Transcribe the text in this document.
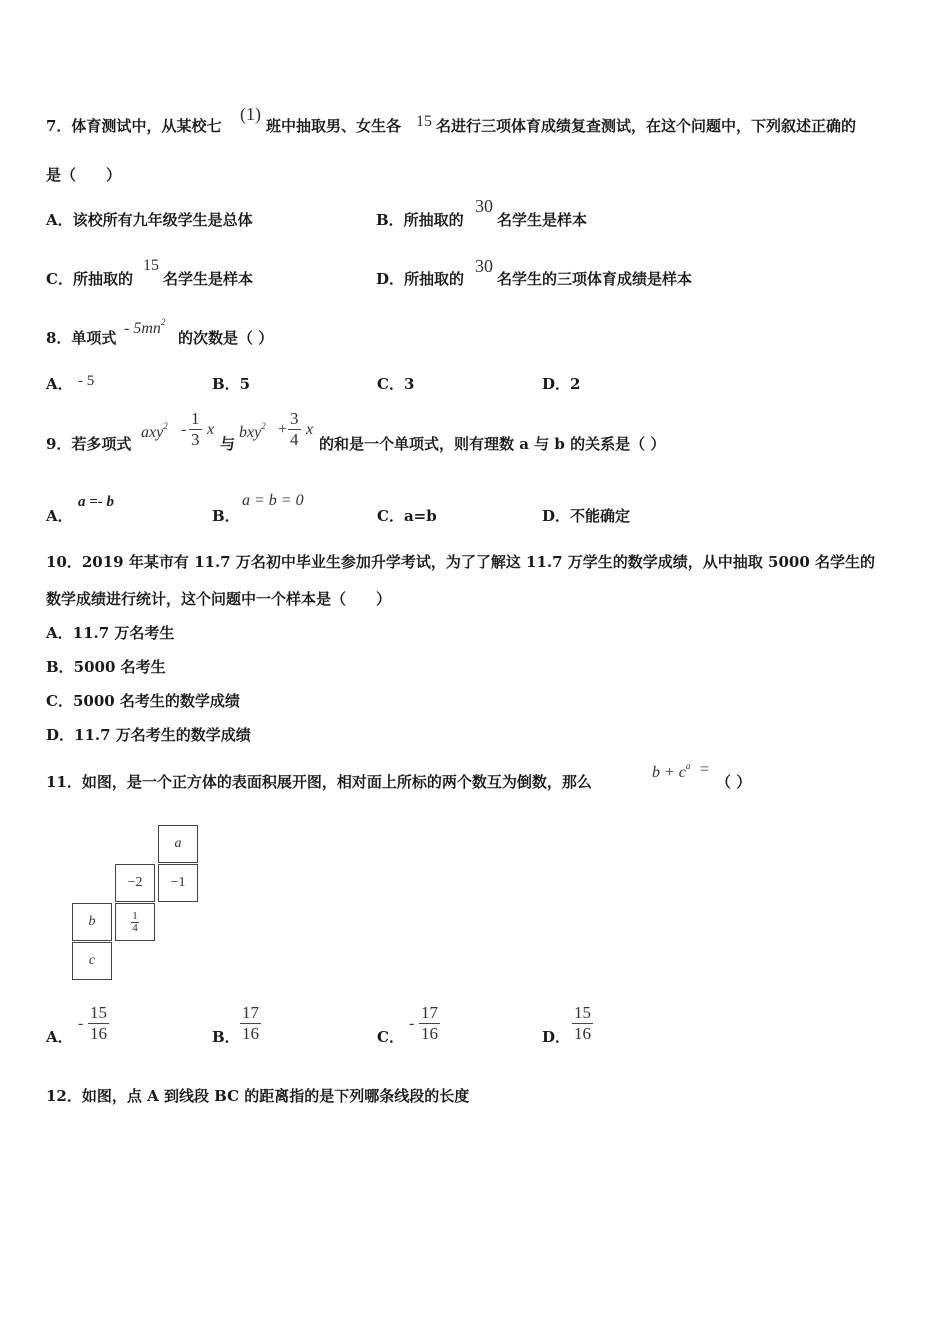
7．体育测试中，从某校七
(1)
班中抽取男、女生各 15 名进行三项体育成绩复查测试，在这个问题中，下列叙述正确的
是（　　）
A．该校所有九年级学生是总体	B．所抽取的
30
名学生是样本
C．所抽取的
15
名学生是样本	D．所抽取的
30
名学生的三项体育成绩是样本
8．单项式
- $5mn^2$
的次数是（ ）
A． - 5	B．5	C．3	D．2
9．若多项式
$axy^2 - \frac{1}{3}$ x
与
$bxy^2 + \frac{3}{4}$ x
的和是一个单项式，则有理数 a 与 b 的关系是（ ）
A．
a =- b
B．
a = b = 0
C．a=b	D．不能确定
10．2019 年某市有 11.7 万名初中毕业生参加升学考试，为了了解这 11.7 万学生的数学成绩，从中抽取 5000 名学生的
数学成绩进行统计，这个问题中一个样本是（　　）
A．11.7 万名考生
B．5000 名考生
C．5000 名考生的数学成绩
D．11.7 万名考生的数学成绩
11．如图，是一个正方体的表面积展开图，相对面上所标的两个数互为倒数，那么
$b + c^a$ =
（ ）
a
−2	−1
b	$\frac{1}{4}$
c
A．
- $\frac{15}{16}$	B． $\frac{17}{16}$	C．
- $\frac{17}{16}$	D． $\frac{15}{16}$
12．如图，点 A 到线段 BC 的距离指的是下列哪条线段的长度
